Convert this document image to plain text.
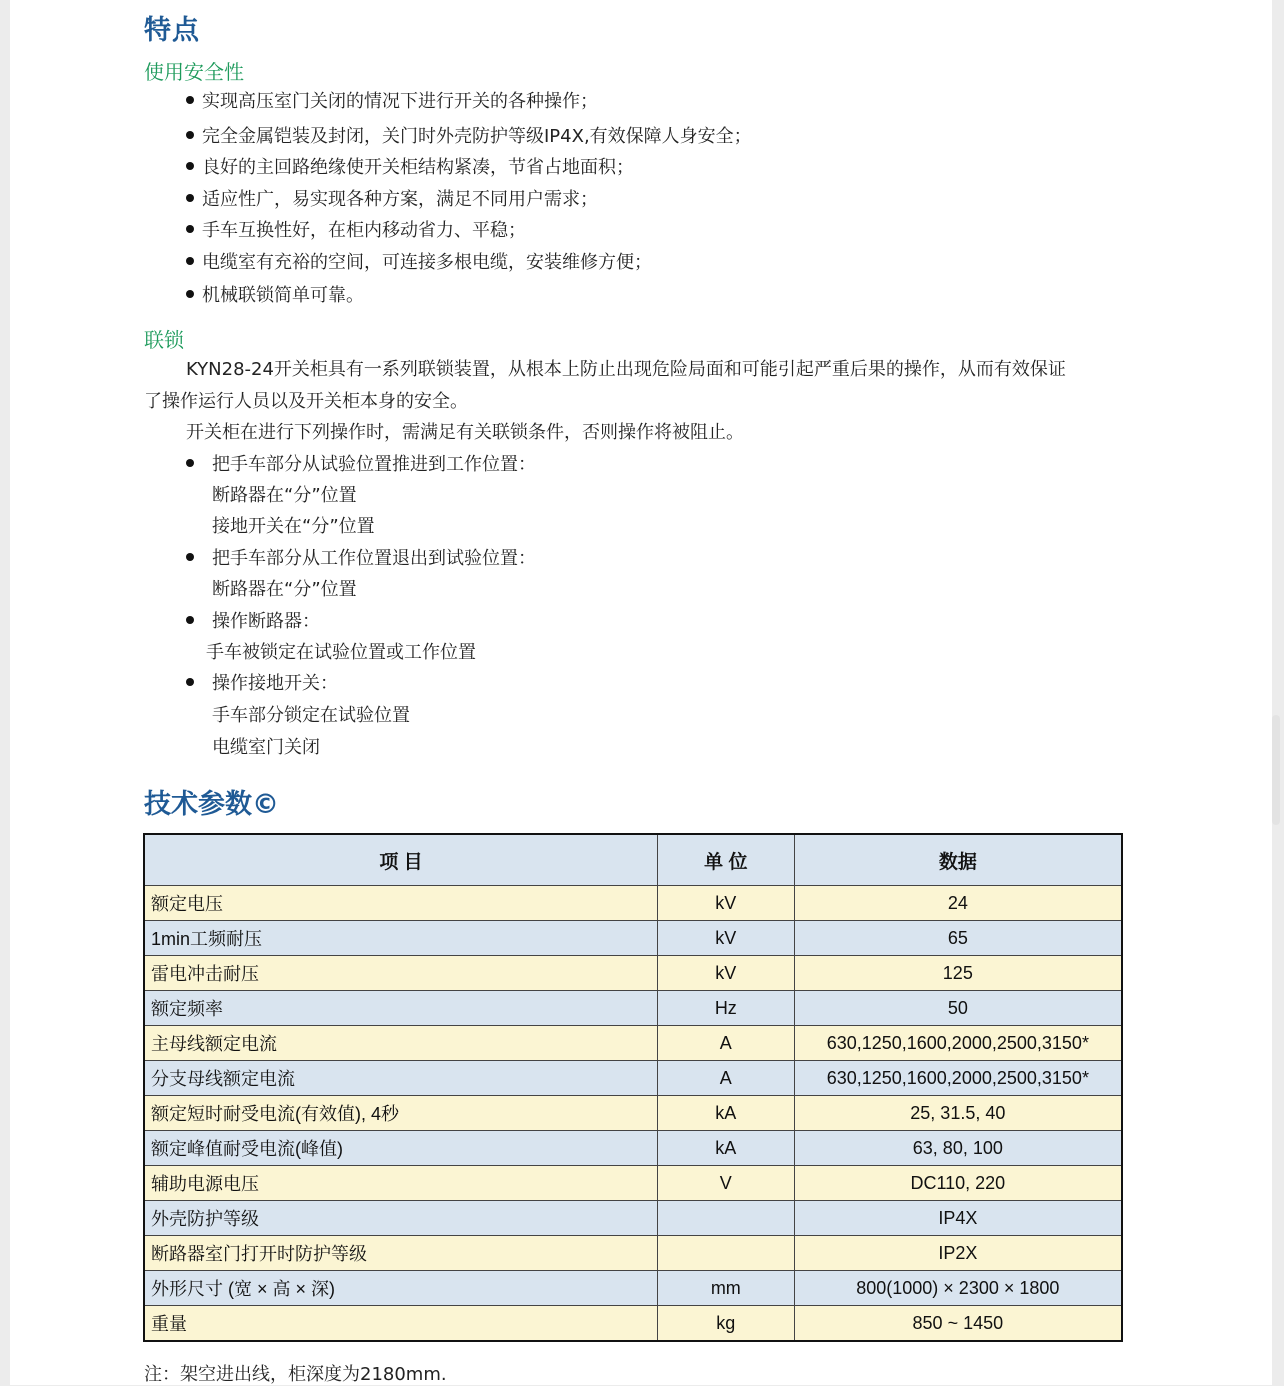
特点
使用安全性
实现高压室门关闭的情况下进行开关的各种操作；
完全金属铠装及封闭，关门时外壳防护等级IP4X,有效保障人身安全；
良好的主回路绝缘使开关柜结构紧凑，节省占地面积；
适应性广，易实现各种方案，满足不同用户需求；
手车互换性好，在柜内移动省力、平稳；
电缆室有充裕的空间，可连接多根电缆，安装维修方便；
机械联锁简单可靠。
联锁
KYN28-24开关柜具有一系列联锁装置，从根本上防止出现危险局面和可能引起严重后果的操作，从而有效保证
了操作运行人员以及开关柜本身的安全。
开关柜在进行下列操作时，需满足有关联锁条件，否则操作将被阻止。
把手车部分从试验位置推进到工作位置：
断路器在“分”位置
接地开关在“分”位置
把手车部分从工作位置退出到试验位置：
断路器在“分”位置
操作断路器：
手车被锁定在试验位置或工作位置
操作接地开关：
手车部分锁定在试验位置
电缆室门关闭
技术参数©
项 目	单 位	数据
额定电压	kV	24
1min工频耐压	kV	65
雷电冲击耐压	kV	125
额定频率	Hz	50
主母线额定电流	A	630,1250,1600,2000,2500,3150*
分支母线额定电流	A	630,1250,1600,2000,2500,3150*
额定短时耐受电流(有效值), 4秒	kA	25, 31.5, 40
额定峰值耐受电流(峰值)	kA	63, 80, 100
辅助电源电压	V	DC110, 220
外壳防护等级		IP4X
断路器室门打开时防护等级		IP2X
外形尺寸 (宽 × 高 × 深)	mm	800(1000) × 2300 × 1800
重量	kg	850 ~ 1450
注：架空进出线，柜深度为2180mm.
